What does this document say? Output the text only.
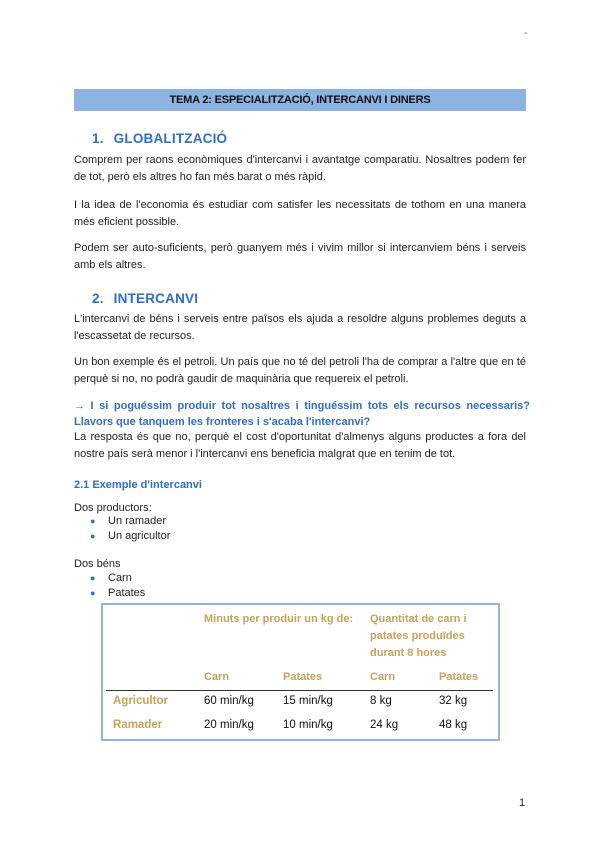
-
TEMA 2: ESPECIALITZACIÓ, INTERCANVI I DINERS
1. GLOBALITZACIÓ
Comprem per raons econòmiques d'intercanvi i avantatge comparatiu. Nosaltres podem fer de tot, però els altres ho fan més barat o més ràpid.
I la idea de l'economia és estudiar com satisfer les necessitats de tothom en una manera més eficient possible.
Podem ser auto-suficients, però guanyem més i vivim millor si intercanviem béns i serveis amb els altres.
2. INTERCANVI
L'intercanvi de béns i serveis entre països els ajuda a resoldre alguns problemes deguts a l'escassetat de recursos.
Un bon exemple és el petroli. Un país que no té del petroli l'ha de comprar a l'altre que en té perquè si no, no podrà gaudir de maquinària que requereix el petroli.
→ I si poguéssim produir tot nosaltres i tinguéssim tots els recursos necessaris? Llavors que tanquem les fronteres i s'acaba l'intercanvi?
La resposta és que no, perquè el cost d'oportunitat d'almenys alguns productes a fora del nostre país serà menor i l'intercanvi ens beneficia malgrat que en tenim de tot.
2.1 Exemple d'intercanvi
Dos productors:
●	Un ramader
●	Un agricultor
Dos béns
●	Carn
●	Patates
Minuts per produir un kg de: Quantitat de carn i patates produïdes durant 8 hores
Carn	Patates	Carn	Patates
Agricultor	60 min/kg	15 min/kg	8 kg	32 kg
Ramader	20 min/kg	10 min/kg	24 kg	48 kg
1
